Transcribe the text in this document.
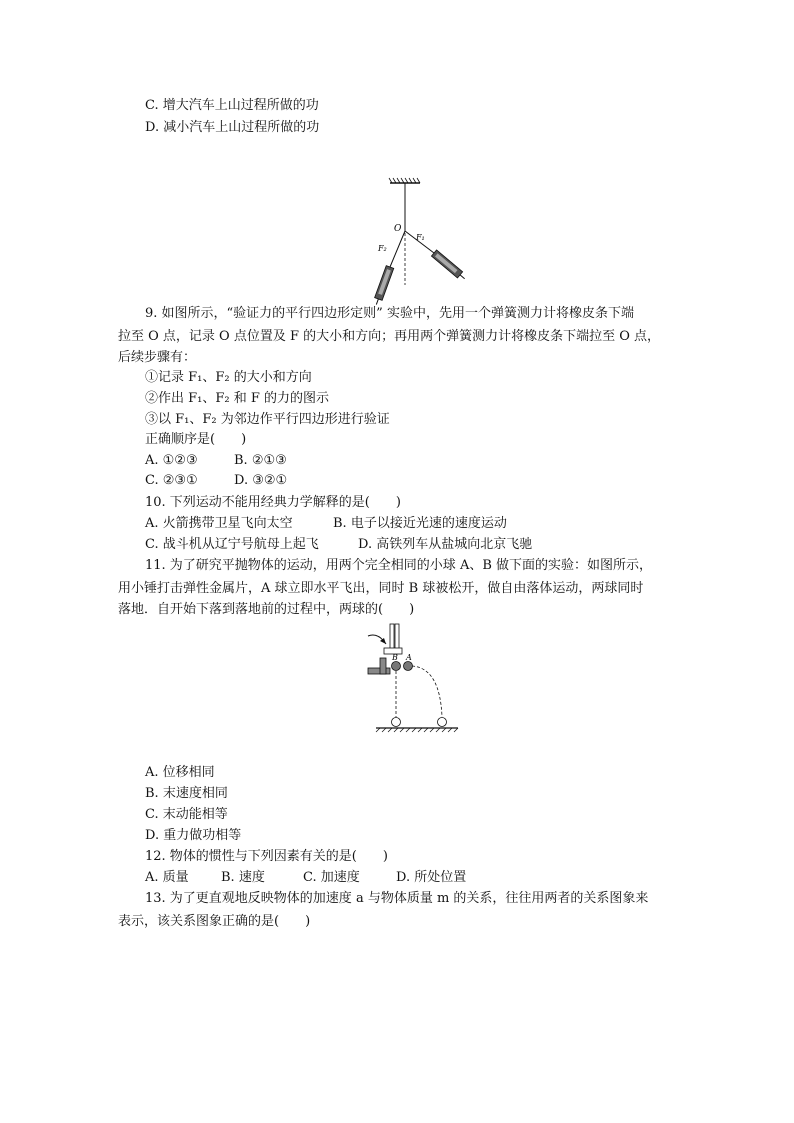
C. 增大汽车上山过程所做的功
D. 减小汽车上山过程所做的功
O
F₂
F₁
9. 如图所示，“验证力的平行四边形定则” 实验中，先用一个弹簧测力计将橡皮条下端
拉至 O 点，记录 O 点位置及 F 的大小和方向；再用两个弹簧测力计将橡皮条下端拉至 O 点，
后续步骤有：
①记录 F₁、F₂ 的大小和方向
②作出 F₁、F₂ 和 F 的力的图示
③以 F₁、F₂ 为邻边作平行四边形进行验证
正确顺序是(　　)
A. ①②③	B. ②①③
C. ②③①	D. ③②①
10. 下列运动不能用经典力学解释的是(　　)
A. 火箭携带卫星飞向太空	B. 电子以接近光速的速度运动
C. 战斗机从辽宁号航母上起飞	D. 高铁列车从盐城向北京飞驰
11. 为了研究平抛物体的运动，用两个完全相同的小球 A、B 做下面的实验：如图所示，
用小锤打击弹性金属片，A 球立即水平飞出，同时 B 球被松开，做自由落体运动，两球同时
落地．自开始下落到落地前的过程中，两球的(　　)
B A
A. 位移相同
B. 末速度相同
C. 末动能相等
D. 重力做功相等
12. 物体的惯性与下列因素有关的是(　　)
A. 质量 B. 速度	C. 加速度	D. 所处位置
13. 为了更直观地反映物体的加速度 a 与物体质量 m 的关系，往往用两者的关系图象来
表示，该关系图象正确的是(　　)
